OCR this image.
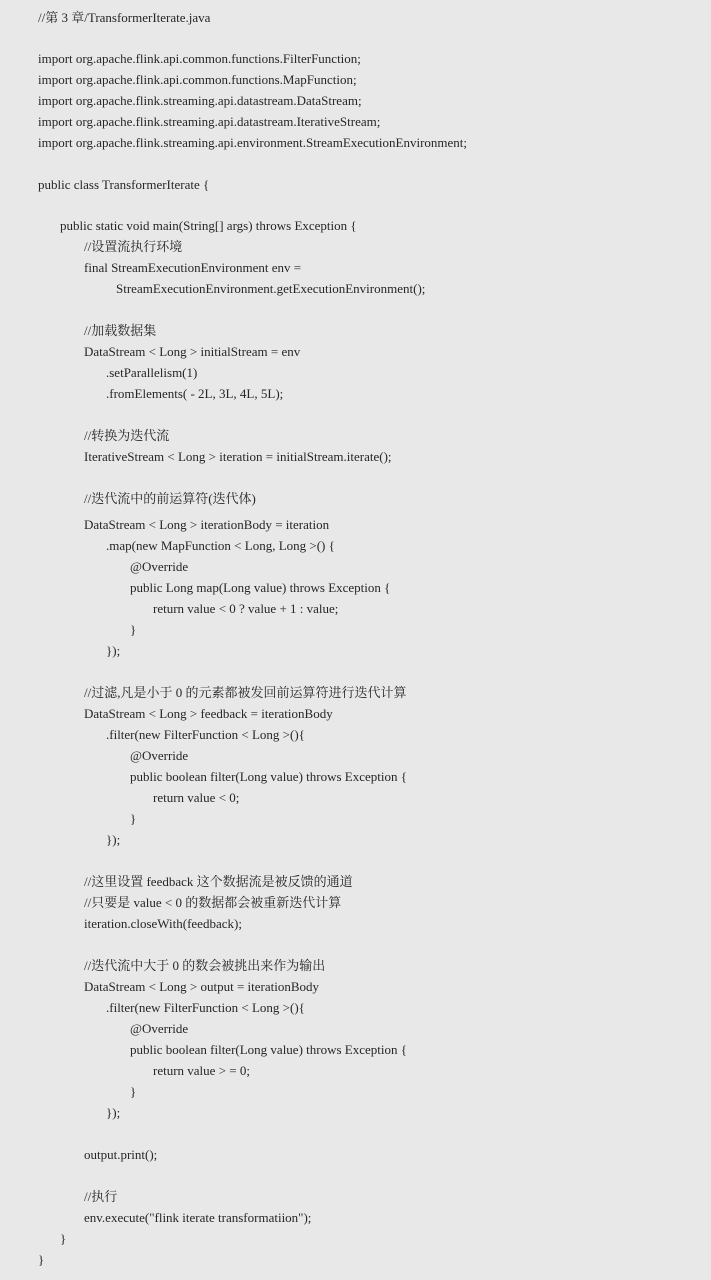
//第 3 章/TransformerIterate.java
import org.apache.flink.api.common.functions.FilterFunction;
import org.apache.flink.api.common.functions.MapFunction;
import org.apache.flink.streaming.api.datastream.DataStream;
import org.apache.flink.streaming.api.datastream.IterativeStream;
import org.apache.flink.streaming.api.environment.StreamExecutionEnvironment;
public class TransformerIterate {
public static void main(String[] args) throws Exception {
//设置流执行环境
final StreamExecutionEnvironment env =
StreamExecutionEnvironment.getExecutionEnvironment();
//加载数据集
DataStream < Long > initialStream = env
.setParallelism(1)
.fromElements( - 2L, 3L, 4L, 5L);
//转换为迭代流
IterativeStream < Long > iteration = initialStream.iterate();
//迭代流中的前运算符(迭代体)
DataStream < Long > iterationBody = iteration
.map(new MapFunction < Long, Long >() {
@Override
public Long map(Long value) throws Exception {
return value < 0 ? value + 1 : value;
}
});
//过滤,凡是小于 0 的元素都被发回前运算符进行迭代计算
DataStream < Long > feedback = iterationBody
.filter(new FilterFunction < Long >(){
@Override
public boolean filter(Long value) throws Exception {
return value < 0;
}
});
//这里设置 feedback 这个数据流是被反馈的通道
//只要是 value < 0 的数据都会被重新迭代计算
iteration.closeWith(feedback);
//迭代流中大于 0 的数会被挑出来作为输出
DataStream < Long > output = iterationBody
.filter(new FilterFunction < Long >(){
@Override
public boolean filter(Long value) throws Exception {
return value > = 0;
}
});
output.print();
//执行
env.execute("flink iterate transformatiion");
}
}
